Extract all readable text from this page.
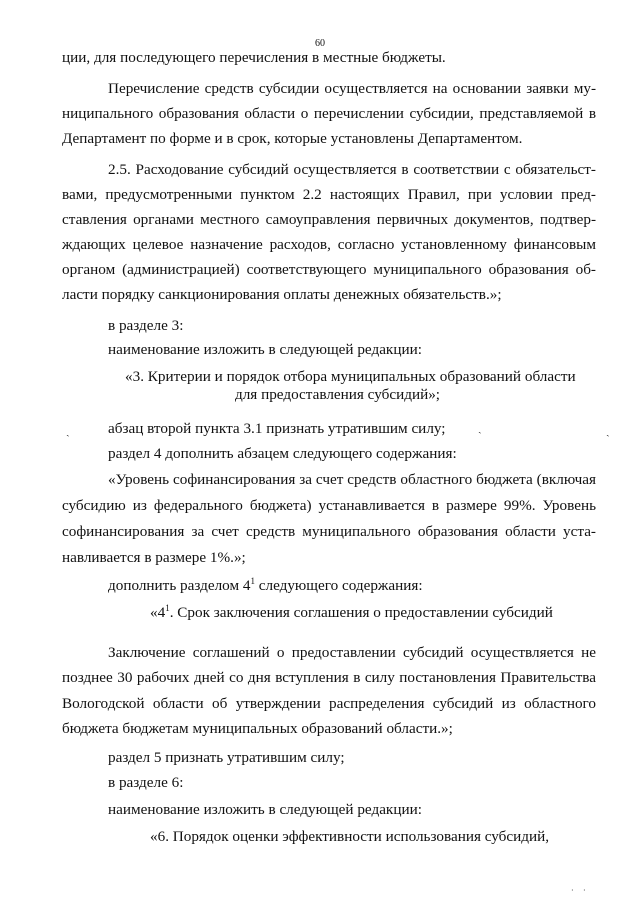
60
ции, для последующего перечисления в местные бюджеты.
Перечисление средств субсидии осуществляется на основании заявки му-
ниципального образования области о перечислении субсидии, представляемой в
Департамент по форме и в срок, которые установлены Департаментом.
2.5. Расходование субсидий осуществляется в соответствии с обязательст-
вами, предусмотренными пунктом 2.2 настоящих Правил, при условии пред-
ставления органами местного самоуправления первичных документов, подтвер-
ждающих целевое назначение расходов, согласно установленному финансовым
органом (администрацией) соответствующего муниципального образования об-
ласти порядку санкционирования оплаты денежных обязательств.»;
в разделе 3:
наименование изложить в следующей редакции:
«3. Критерии и порядок отбора муниципальных образований области
для предоставления субсидий»;
ˎ	абзац второй пункта 3.1 признать утратившим силу;	ˏ	ˏ
раздел 4 дополнить абзацем следующего содержания:
«Уровень софинансирования за счет средств областного бюджета (включая
субсидию из федерального бюджета) устанавливается в размере 99%. Уровень
софинансирования за счет средств муниципального образования области уста-
навливается в размере 1%.»;
дополнить разделом $4^1$ следующего содержания:
«$4^1$. Срок заключения соглашения о предоставлении субсидий
Заключение соглашений о предоставлении субсидий осуществляется не
позднее 30 рабочих дней со дня вступления в силу постановления Правительства
Вологодской области об утверждении распределения субсидий из областного
бюджета бюджетам муниципальных образований области.»;
раздел 5 признать утратившим силу;
в разделе 6:
наименование изложить в следующей редакции:
«6. Порядок оценки эффективности использования субсидий,
· ·
